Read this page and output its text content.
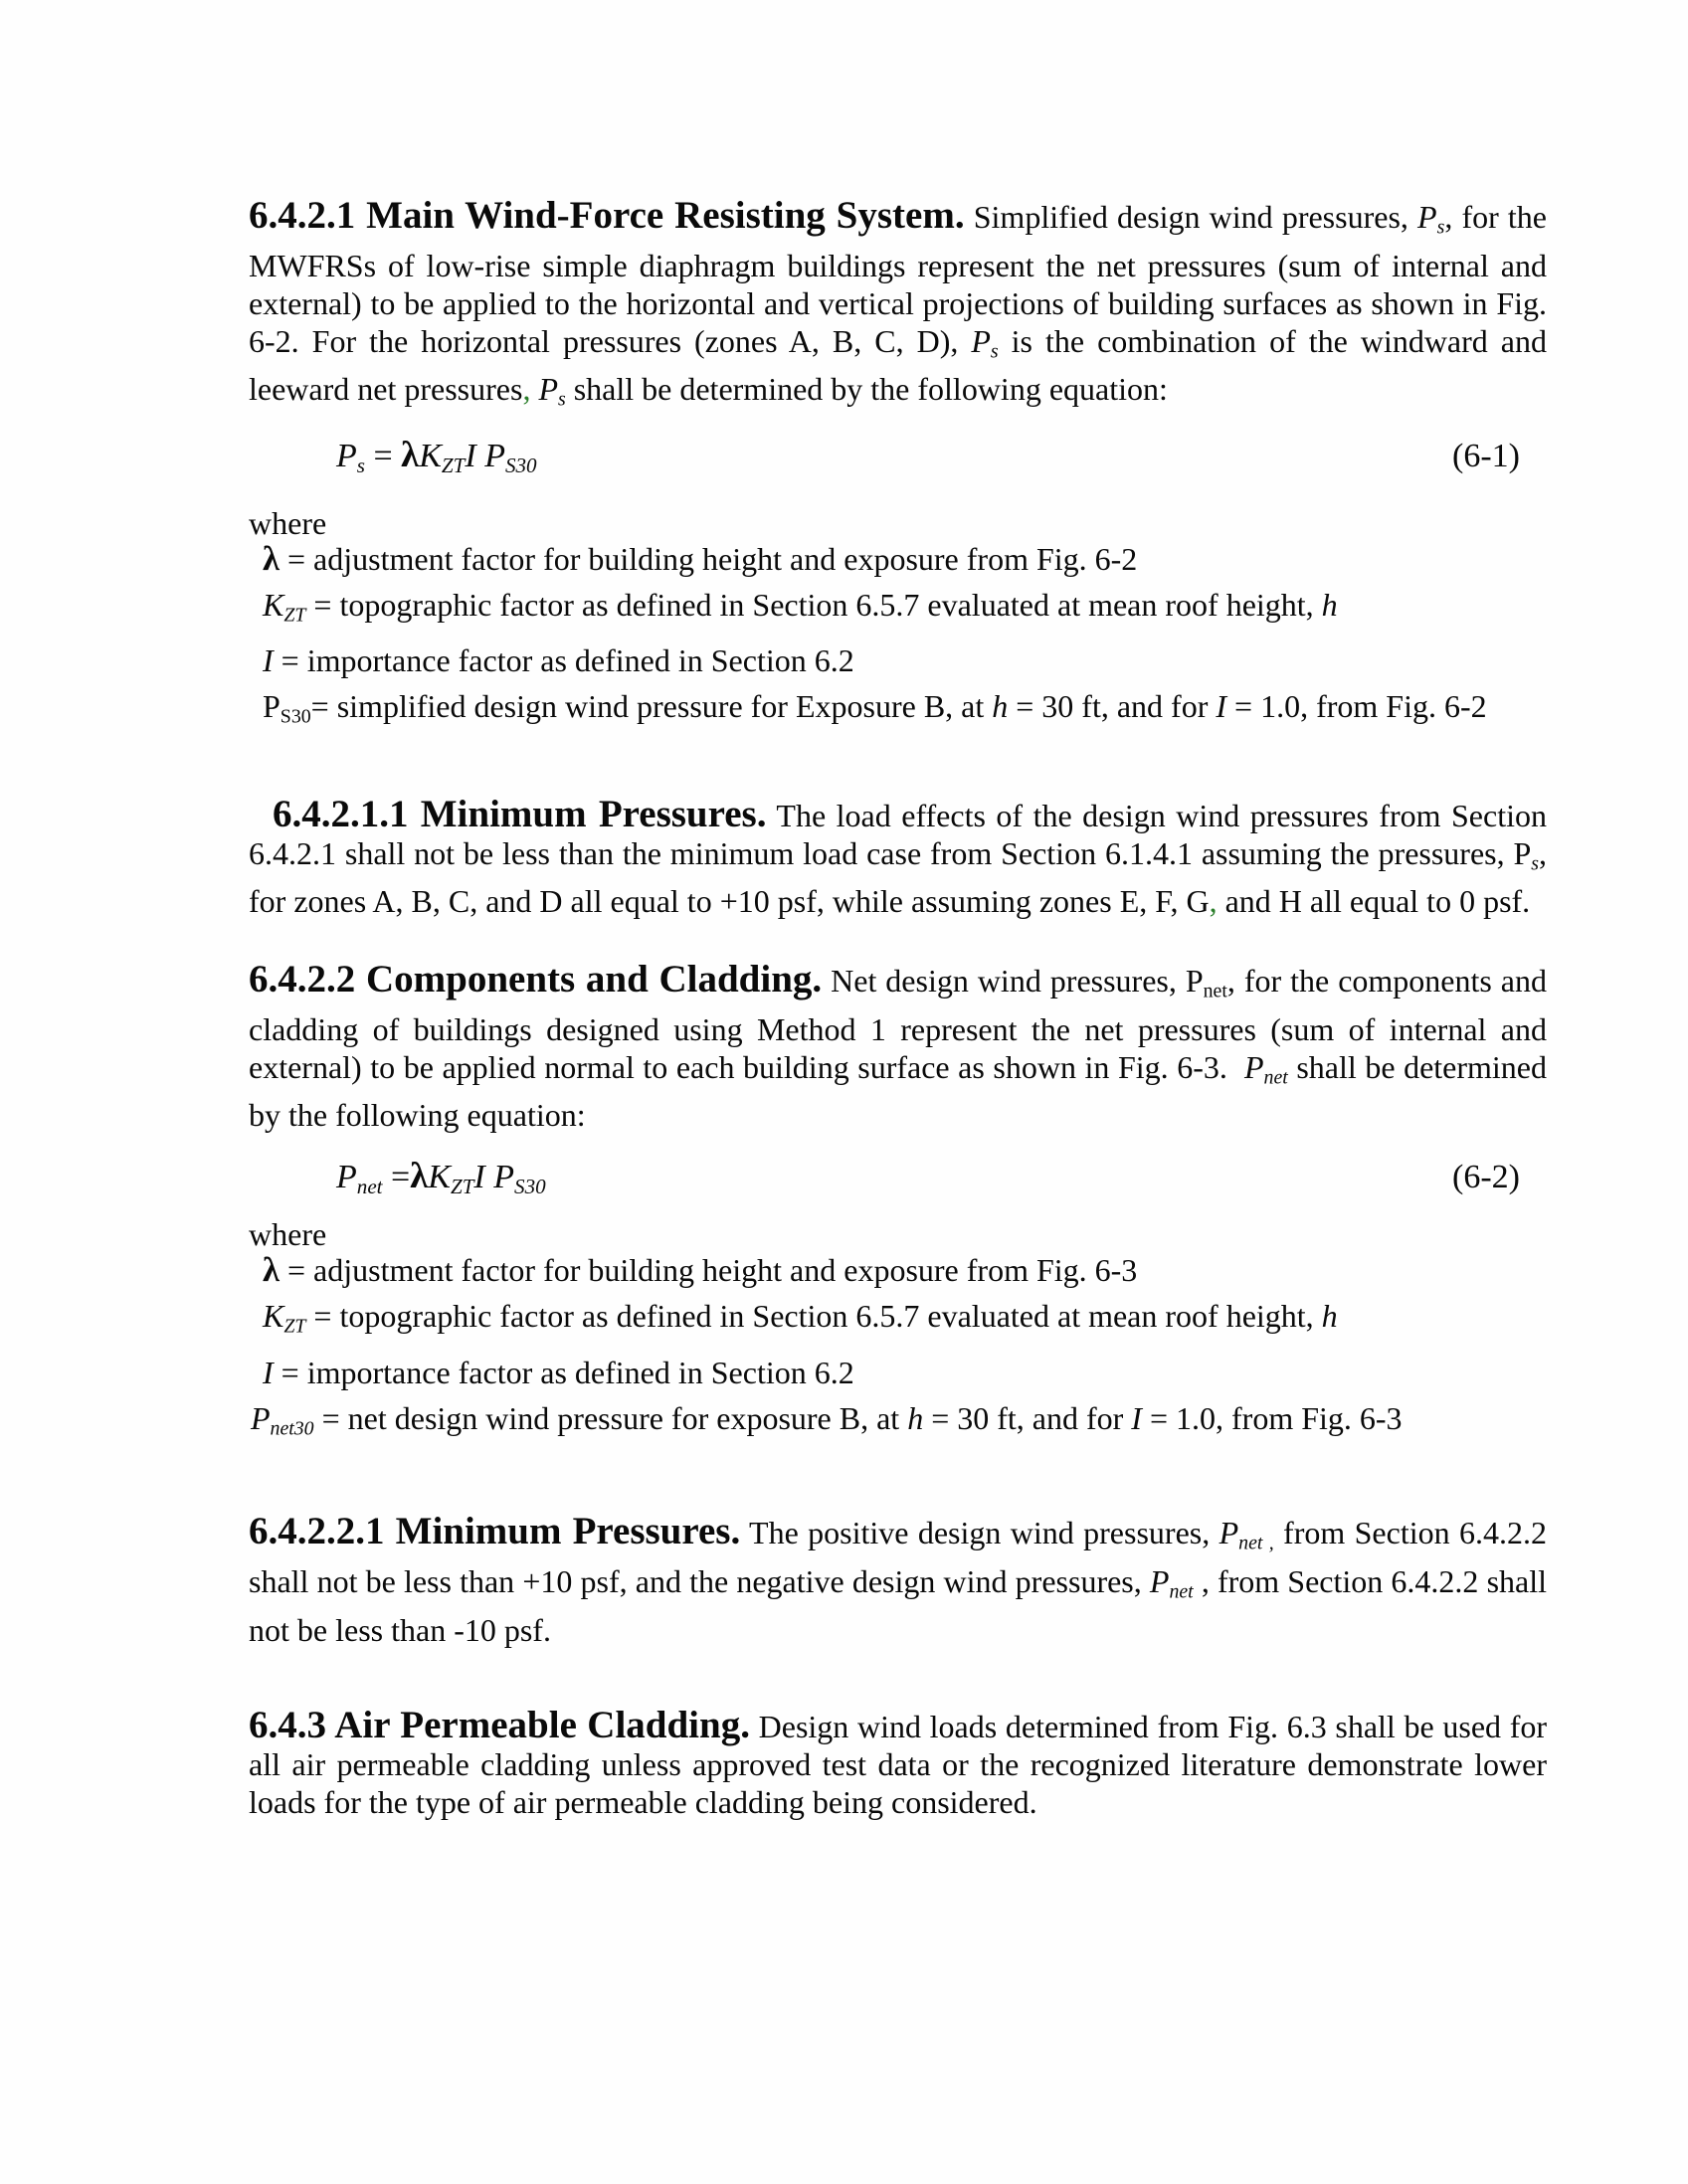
6.4.2.1 Main Wind-Force Resisting System. Simplified design wind pressures, Ps, for the MWFRSs of low-rise simple diaphragm buildings represent the net pressures (sum of internal and external) to be applied to the horizontal and vertical projections of building surfaces as shown in Fig. 6-2. For the horizontal pressures (zones A, B, C, D), Ps is the combination of the windward and leeward net pressures, Ps shall be determined by the following equation:
Ps = λKZTI PS30	(6-1)
where
λ = adjustment factor for building height and exposure from Fig. 6-2
KZT = topographic factor as defined in Section 6.5.7 evaluated at mean roof height, h
I = importance factor as defined in Section 6.2
$P_{S30}=$ simplified design wind pressure for Exposure B, at h = 30 ft, and for I = 1.0, from Fig. 6-2
6.4.2.1.1 Minimum Pressures. The load effects of the design wind pressures from Section 6.4.2.1 shall not be less than the minimum load case from Section 6.1.4.1 assuming the pressures, Ps, for zones A, B, C, and D all equal to +10 psf, while assuming zones E, F, G, and H all equal to 0 psf.
6.4.2.2 Components and Cladding. Net design wind pressures, $P_{net}$, for the components and cladding of buildings designed using Method 1 represent the net pressures (sum of internal and external) to be applied normal to each building surface as shown in Fig. 6-3.  Pnet shall be determined by the following equation:
Pnet =λKZTI PS30	(6-2)
where
λ = adjustment factor for building height and exposure from Fig. 6-3
KZT = topographic factor as defined in Section 6.5.7 evaluated at mean roof height, h
I = importance factor as defined in Section 6.2
Pnet30 = net design wind pressure for exposure B, at h = 30 ft, and for I = 1.0, from Fig. 6-3
6.4.2.2.1 Minimum Pressures. The positive design wind pressures, Pnet , from Section 6.4.2.2 shall not be less than +10 psf, and the negative design wind pressures, Pnet , from Section 6.4.2.2 shall not be less than -10 psf.
6.4.3 Air Permeable Cladding. Design wind loads determined from Fig. 6.3 shall be used for all air permeable cladding unless approved test data or the recognized literature demonstrate lower loads for the type of air permeable cladding being considered.
